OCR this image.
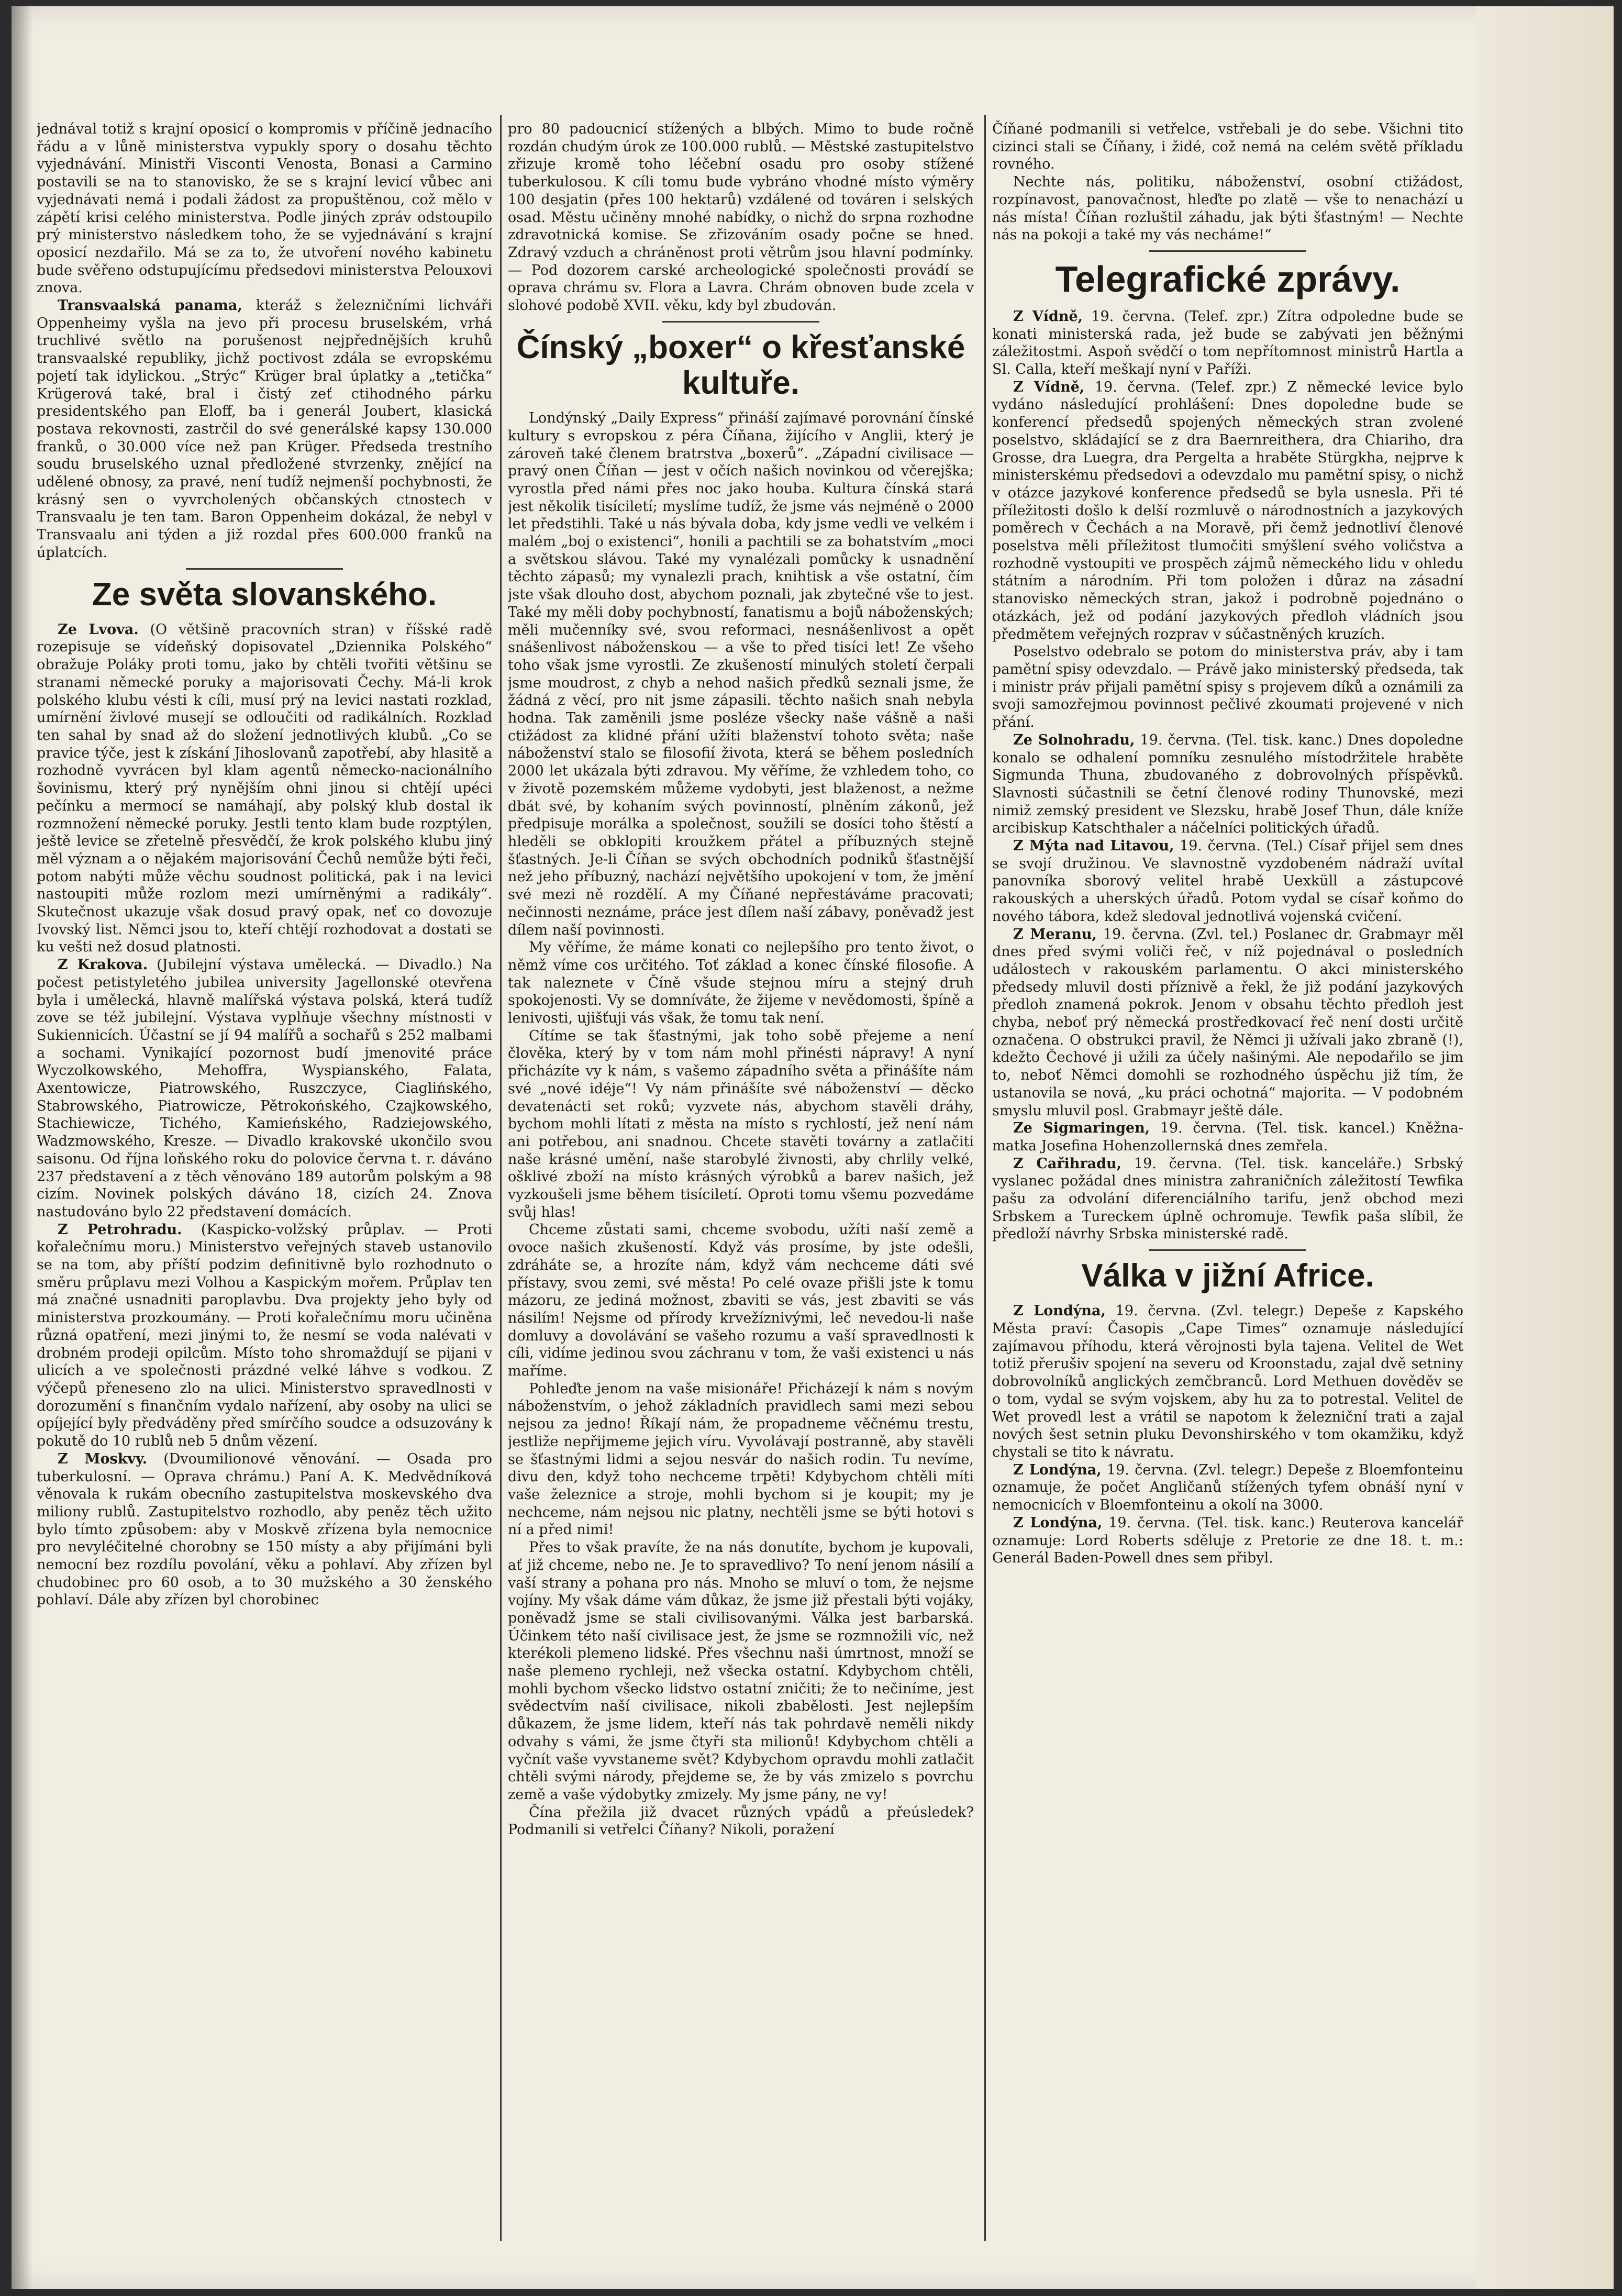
jednával totiž s krajní oposicí o kompromis v příčině jednacího řádu a v lůně ministerstva vypukly spory o dosahu těchto vyjednávání. Ministři Visconti Venosta, Bonasi a Carmino postavili se na to stanovisko, že se s krajní levicí vůbec ani vyjednávati nemá i podali žádost za propuštěnou, což mělo v zápětí krisi celého ministerstva. Podle jiných zpráv odstoupilo prý ministerstvo následkem toho, že se vyjednávání s krajní oposicí nezdařilo. Má se za to, že utvoření nového kabinetu bude svěřeno odstupujícímu předsedovi ministerstva Pelouxovi znova.

Transvaalská panama, kteráž s železničními lichváři Oppenheimy vyšla na jevo při procesu bruselském, vrhá truchlivé světlo na porušenost nejpřednějších kruhů transvaalské republiky, jichž poctivost zdála se evropskému pojetí tak idylickou. „Strýc“ Krüger bral úplatky a „tetička“ Krügerová také, bral i čistý zeť ctihodného párku presidentského pan Eloff, ba i generál Joubert, klasická postava rekovnosti, zastrčil do své generálské kapsy 130.000 franků, o 30.000 více než pan Krüger. Předseda trestního soudu bruselského uznal předložené stvrzenky, znějící na udělené obnosy, za pravé, není tudíž nejmenší pochybnosti, že krásný sen o vyvrcholených občanských ctnostech v Transvaalu je ten tam. Baron Oppenheim dokázal, že nebyl v Transvaalu ani týden a již rozdal přes 600.000 franků na úplatcích.

Ze světa slovanského.

Ze Lvova. (O většině pracovních stran) v říšské radě rozepisuje se vídeňský dopisovatel „Dziennika Polského“ obražuje Poláky proti tomu, jako by chtěli tvořiti většinu se stranami německé poruky a majorisovati Čechy. Má-li krok polského klubu vésti k cíli, musí prý na levici nastati rozklad, umírnění živlové musejí se odloučiti od radikálních. Rozklad ten sahal by snad až do složení jednotlivých klubů. „Co se pravice týče, jest k získání Jihoslovanů zapotřebí, aby hlasitě a rozhodně vyvrácen byl klam agentů německo-nacionálního šovinismu, který prý nynějším ohni jinou si chtějí upéci pečínku a mermocí se namáhají, aby polský klub dostal ik rozmnožení německé poruky. Jestli tento klam bude rozptýlen, ještě levice se zřetelně přesvědčí, že krok polského klubu jiný měl význam a o nějakém majorisování Čechů nemůže býti řeči, potom nabýti může věchu soudnost politická, pak i na levici nastoupiti může rozlom mezi umírněnými a radikály“. Skutečnost ukazuje však dosud pravý opak, neť co dovozuje Ivovský list. Němci jsou to, kteří chtějí rozhodovat a dostati se ku vešti než dosud platnosti.

Z Krakova. (Jubilejní výstava umělecká. — Divadlo.) Na počest petistyletého jubilea university Jagellonské otevřena byla i umělecká, hlavně malířská výstava polská, která tudíž zove se též jubilejní. Výstava vyplňuje všechny místnosti v Sukiennicích. Účastní se jí 94 malířů a sochařů s 252 malbami a sochami. Vynikající pozornost budí jmenovité práce Wyczolkowského, Mehoffra, Wyspianského, Falata, Axentowicze, Piatrowského, Ruszczyce, Ciaglińského, Stabrowského, Piatrowicze, Pětrokońského, Czajkowského, Stachiewicze, Tichého, Kamieńského, Radziejowského, Wadzmowského, Kreszе. — Divadlo krakovské ukončilo svou saisonu. Od října loňského roku do polovice června t. r. dáváno 237 představení a z těch věnováno 189 autorům polským a 98 cizím. Novinek polských dáváno 18, cizích 24. Znova nastudováno bylo 22 představení domácích.

Z Petrohradu. (Kaspicko-volžský průplav. — Proti kořalečnímu moru.) Ministerstvo veřejných staveb ustanovilo se na tom, aby příští podzim definitivně bylo rozhodnuto o směru průplavu mezi Volhou a Kaspickým mořem. Průplav ten má značné usnadniti paroplavbu. Dva projekty jeho byly od ministerstva prozkoumány. — Proti kořalečnímu moru učiněna různá opatření, mezi jinými to, že nesmí se voda nalévati v drobném prodeji opilcům. Místo toho shromaždují se pijani v ulicích a ve společnosti prázdné velké láhve s vodkou. Z výčepů přeneseno zlo na ulici. Ministerstvo spravedlnosti v dorozumění s finančním vydalo nařízení, aby osoby na ulici se opíjející byly předváděny před smírčího soudce a odsuzovány k pokutě do 10 rublů neb 5 dnům vězení.

Z Moskvy. (Dvoumilionové věnování. — Osada pro tuberkulosní. — Oprava chrámu.) Paní A. K. Medvědníková věnovala k rukám obecního zastupitelstva moskevského dva miliony rublů. Zastupitelstvo rozhodlo, aby peněz těch užito bylo tímto způsobem: aby v Moskvě zřízena byla nemocnice pro nevyléčitelné chorobny se 150 místy a aby přijímáni byli nemocní bez rozdílu povolání, věku a pohlaví. Aby zřízen byl chudobinec pro 60 osob, a to 30 mužského a 30 ženského pohlaví. Dále aby zřízen byl chorobinec

pro 80 padoucnicí stížených a blbých. Mimo to bude ročně rozdán chudým úrok ze 100.000 rublů. — Městské zastupitelstvo zřizuje kromě toho léčební osadu pro osoby stížené tuberkulosou. K cíli tomu bude vybráno vhodné místo výměry 100 desjatin (přes 100 hektarů) vzdálené od továren i selských osad. Městu učiněny mnohé nabídky, o nichž do srpna rozhodne zdravotnická komise. Se zřizováním osady počne se hned. Zdravý vzduch a chráněnost proti větrům jsou hlavní podmínky. — Pod dozorem carské archeologické společnosti provádí se oprava chrámu sv. Flora a Lavra. Chrám obnoven bude zcela v slohové podobě XVII. věku, kdy byl zbudován.

Čínský „boxer“ o křesťanské kultuře.

Londýnský „Daily Express“ přináší zajímavé porovnání čínské kultury s evropskou z péra Číňana, žijícího v Anglii, který je zároveň také členem bratrstva „boxerů“. „Západní civilisace — pravý onen Číňan — jest v očích našich novinkou od včerejška; vyrostla před námi přes noc jako houba. Kultura čínská stará jest několik tisíciletí; myslíme tudíž, že jsme vás nejméně o 2000 let předstihli. Také u nás bývala doba, kdy jsme vedli ve velkém i malém „boj o existenci“, honili a pachtili se za bohatstvím „moci a světskou slávou. Také my vynalézali pomůcky k usnadnění těchto zápasů; my vynalezli prach, knihtisk a vše ostatní, čím jste však dlouho dost, abychom poznali, jak zbytečné vše to jest. Také my měli doby pochybností, fanatismu a bojů náboženských; měli mučenníky své, svou reformaci, nesnášenlivost a opět snášenlivost náboženskou — a vše to před tisíci let! Ze všeho toho však jsme vyrostli. Ze zkušeností minulých století čerpali jsme moudrost, z chyb a nehod našich předků seznali jsme, že žádná z věcí, pro nit jsme zápasili. těchto našich snah nebyla hodna. Tak zaměnili jsme posléze všecky naše vášně a naši ctižádost za klidné přání užíti blaženství tohoto světa; naše náboženství stalo se filosofií života, která se během posledních 2000 let ukázala býti zdravou. My věříme, že vzhledem toho, co v životě pozemském můžeme vydobyti, jest blaženost, a nežme dbát své, by kohaním svých povinností, plněním zákonů, jež předpisuje morálka a společnost, soužili se dosíci toho štěstí a hleděli se obklopiti kroužkem přátel a příbuzných stejně šťastných. Je-li Číňan se svých obchodních podniků šťastnější než jeho příbuzný, nachází největšího upokojení v tom, že jmění své mezi ně rozdělí. A my Číňané nepřestáváme pracovati; nečinnosti neznáme, práce jest dílem naší zábavy, poněvadž jest dílem naší povinnosti.

My věříme, že máme konati co nejlepšího pro tento život, o němž víme cos určitého. Toť základ a konec čínské filosofie. A tak naleznete v Číně všude stejnou míru a stejný druh spokojenosti. Vy se domníváte, že žijeme v nevědomosti, špíně a lenivosti, ujišťuji vás však, že tomu tak není.

Cítíme se tak šťastnými, jak toho sobě přejeme a není člověka, který by v tom nám mohl přinésti nápravy! A nyní přicházíte vy k nám, s vašemo západního světa a přinášíte nám své „nové idéje“! Vy nám přinášíte své náboženství — děcko devatenácti set roků; vyzvete nás, abychom stavěli dráhy, bychom mohli lítati z města na místo s rychlostí, jež není nám ani potřebou, ani snadnou. Chcete stavěti továrny a zatlačiti naše krásné umění, naše starobylé živnosti, aby chrlily velké, ošklivé zboží na místo krásných výrobků a barev našich, jež vyzkoušeli jsme během tisíciletí. Oproti tomu všemu pozvedáme svůj hlas!

Chceme zůstati sami, chceme svobodu, užíti naší země a ovoce našich zkušeností. Když vás prosíme, by jste odešli, zdráháte se, a hrozíte nám, když vám nechceme dáti své přístavy, svou zemi, své města! Po celé ovaze přišli jste k tomu mázoru, ze jediná možnost, zbaviti se vás, jest zbaviti se vás násilím! Nejsme od přírody krvežíznivými, leč nevedou-li naše domluvy a dovolávání se vašeho rozumu a vaší spravedlnosti k cíli, vidíme jedinou svou záchranu v tom, že vaši existenci u nás maříme.

Pohleďte jenom na vaše misionáře! Přicházejí k nám s novým náboženstvím, o jehož základních pravidlech sami mezi sebou nejsou za jedno! Říkají nám, že propadneme věčnému trestu, jestliže nepřijmeme jejich víru. Vyvolávají postranně, aby stavěli se šťastnými lidmi a sejou nesvár do našich rodin. Tu nevíme, divu den, když toho nechceme trpěti! Kdybychom chtěli míti vaše železnice a stroje, mohli bychom si je koupit; my je nechceme, nám nejsou nic platny, nechtěli jsme se býti hotovi s ní a před nimi!

Přes to však pravíte, že na nás donutíte, bychom je kupovali, ať již chceme, nebo ne. Je to spravedlivo? To není jenom násilí a vaší strany a pohana pro nás. Mnoho se mluví o tom, že nejsme vojíny. My však dáme vám důkaz, že jsme již přestali býti vojáky, poněvadž jsme se stali civilisovanými. Válka jest barbarská. Účinkem této naší civilisace jest, že jsme se rozmnožili víc, než kterékoli plemeno lidské. Přes všechnu naši úmrtnost, množí se naše plemeno rychleji, než všecka ostatní. Kdybychom chtěli, mohli bychom všecko lidstvo ostatní zničiti; že to nečiníme, jest svědectvím naší civilisace, nikoli zbabělosti. Jest nejlepším důkazem, že jsme lidem, kteří nás tak pohrdavě neměli nikdy odvahy s vámi, že jsme čtyři sta milionů! Kdybychom chtěli a vyčnít vaše vyvstaneme svět? Kdybychom opravdu mohli zatlačit chtěli svými národy, přejdeme se, že by vás zmizelo s povrchu země a vaše výdobytky zmizely. My jsme pány, ne vy!

Čína přežila již dvacet různých vpádů a přeúsledek? Podmanili si vetřelci Číňany? Nikoli, poražení

Číňané podmanili si vetřelce, vstřebali je do sebe. Všichni tito cizinci stali se Číňany, i židé, což nemá na celém světě příkladu rovného.

Nechte nás, politiku, náboženství, osobní ctižádost, rozpínavost, panovačnost, hleďte po zlatě — vše to nenachází u nás místa! Číňan rozluštil záhadu, jak býti šťastným! — Nechte nás na pokoji a také my vás necháme!“

Telegrafické zprávy.

Z Vídně, 19. června. (Telef. zpr.) Zítra odpoledne bude se konati ministerská rada, jež bude se zabývati jen běžnými záležitostmi. Aspoň svědčí o tom nepřítomnost ministrů Hartla a Sl. Calla, kteří meškají nyní v Paříži.

Z Vídně, 19. června. (Telef. zpr.) Z německé levice bylo vydáno následující prohlášení: Dnes dopoledne bude se konferencí předsedů spojených německých stran zvolené poselstvo, skládající se z dra Baernreithera, dra Chiariho, dra Grosse, dra Luegra, dra Pergelta a hraběte Stürgkha, nejprve k ministerskému předsedovi a odevzdalo mu pamětní spisy, o nichž v otázce jazykové konference předsedů se byla usnesla. Při té příležitosti došlo k delší rozmluvě o národnostních a jazykových poměrech v Čechách a na Moravě, při čemž jednotliví členové poselstva měli příležitost tlumočiti smýšlení svého voličstva a rozhodně vystoupiti ve prospěch zájmů německého lidu v ohledu státním a národním. Při tom položen i důraz na zásadní stanovisko německých stran, jakož i podrobně pojednáno o otázkách, jež od podání jazykových předloh vládních jsou předmětem veřejných rozprav v súčastněných kruzích.

Poselstvo odebralo se potom do ministerstva práv, aby i tam pamětní spisy odevzdalo. — Právě jako ministerský předseda, tak i ministr práv přijali pamětní spisy s projevem díků a oznámili za svoji samozřejmou povinnost pečlivé zkoumati projevené v nich přání.

Ze Solnohradu, 19. června. (Tel. tisk. kanc.) Dnes dopoledne konalo se odhalení pomníku zesnulého místodržitele hraběte Sigmunda Thuna, zbudovaného z dobrovolných příspěvků. Slavnosti súčastnili se četní členové rodiny Thunovské, mezi nimiž zemský president ve Slezsku, hrabě Josef Thun, dále kníže arcibiskup Katschthaler a náčelníci politických úřadů.

Z Mýta nad Litavou, 19. června. (Tel.) Císař přijel sem dnes se svojí družinou. Ve slavnostně vyzdobeném nádraží uvítal panovníka sborový velitel hrabě Uexküll a zástupcové rakouských a uherských úřadů. Potom vydal se císař koňmo do nového tábora, kdež sledoval jednotlivá vojenská cvičení.

Z Meranu, 19. června. (Zvl. tel.) Poslanec dr. Grabmayr měl dnes před svými voliči řeč, v níž pojednával o posledních událostech v rakouském parlamentu. O akci ministerského předsedy mluvil dosti příznivě a řekl, že již podání jazykových předloh znamená pokrok. Jenom v obsahu těchto předloh jest chyba, neboť prý německá prostředkovací řeč není dosti určitě označena. O obstrukci pravil, že Němci ji užívali jako zbraně (!), kdežto Čechové ji užili za účely našinými. Ale nepodařilo se jim to, neboť Němci domohli se rozhodného úspěchu již tím, že ustanovila se nová, „ku práci ochotná“ majorita. — V podobném smyslu mluvil posl. Grabmayr ještě dále.

Ze Sigmaringen, 19. června. (Tel. tisk. kancel.) Kněžna-matka Josefina Hohenzollernská dnes zemřela.

Z Cařihradu, 19. června. (Tel. tisk. kanceláře.) Srbský vyslanec požádal dnes ministra zahraničních záležitostí Tewfika pašu za odvolání diferenciálního tarifu, jenž obchod mezi Srbskem a Tureckem úplně ochromuje. Tewfik paša slíbil, že předloží návrhy Srbska ministerské radě.

Válka v jižní Africe.

Z Londýna, 19. června. (Zvl. telegr.) Depeše z Kapského Města praví: Časopis „Cape Times“ oznamuje následující zajímavou příhodu, která věrojnosti byla tajena. Velitel de Wet totiž přerušiv spojení na severu od Kroonstadu, zajal dvě setniny dobrovolníků anglických zemčbranců. Lord Methuen dověděv se o tom, vydal se svým vojskem, aby hu za to potrestal. Velitel de Wet provedl lest a vrátil se napotom k železniční trati a zajal nových šest setnin pluku Devonshirského v tom okamžiku, když chystali se tito k návratu.

Z Londýna, 19. června. (Zvl. telegr.) Depeše z Bloemfonteinu oznamuje, že počet Angličanů stížených tyfem obnáší nyní v nemocnicích v Bloemfonteinu a okolí na 3000.

Z Londýna, 19. června. (Tel. tisk. kanc.) Reuterova kancelář oznamuje: Lord Roberts sděluje z Pretorie ze dne 18. t. m.: Generál Baden-Powell dnes sem přibyl.
